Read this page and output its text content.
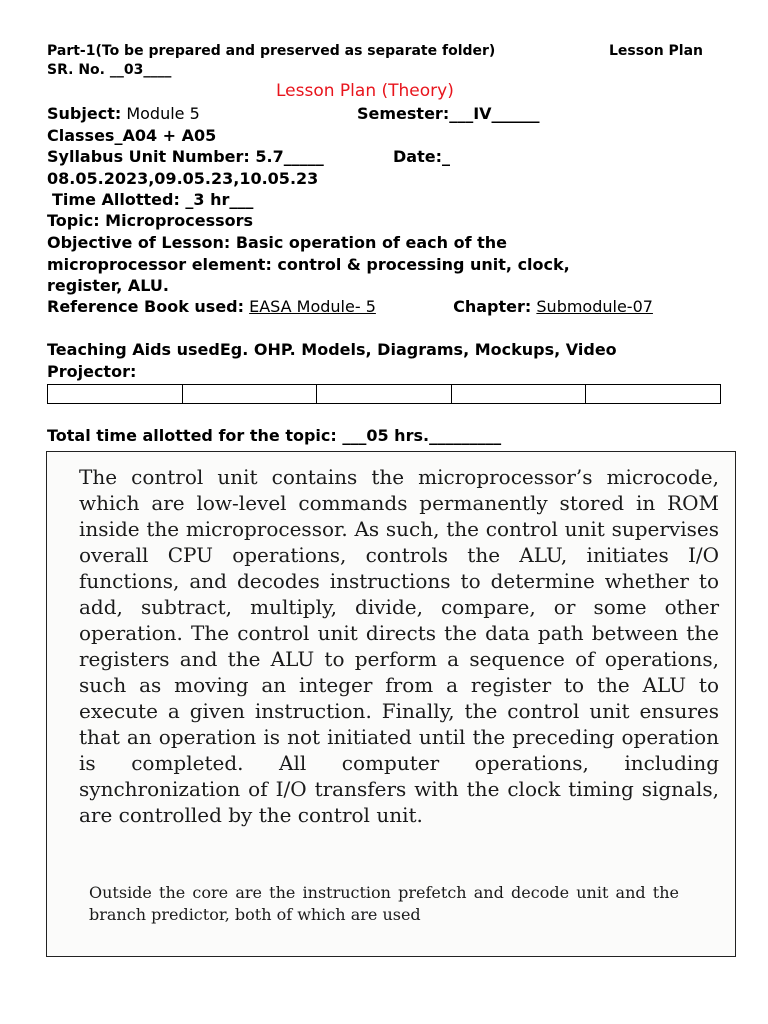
Part-1(To be prepared and preserved as separate folder)	Lesson Plan
SR. No. __03____
Lesson Plan (Theory)
Subject: Module 5	Semester:___IV______
Classes_A04 + A05
Syllabus Unit Number: 5.7_____	Date:_
08.05.2023,09.05.23,10.05.23
Time Allotted: _3 hr___
Topic: Microprocessors
Objective of Lesson: Basic operation of each of the
microprocessor element: control & processing unit, clock,
register, ALU.
Reference Book used: EASA Module- 5	Chapter: Submodule-07
Teaching Aids usedEg. OHP. Models, Diagrams, Mockups, Video
Projector:

Total time allotted for the topic: ___05 hrs._________

The control unit contains the microprocessor’s microcode, which are low-level commands permanently stored in ROM inside the microprocessor. As such, the control unit supervises overall CPU operations, controls the ALU, initiates I/O functions, and decodes instructions to determine whether to add, subtract, multiply, divide, compare, or some other operation. The control unit directs the data path between the registers and the ALU to perform a sequence of operations, such as moving an integer from a register to the ALU to execute a given instruction. Finally, the control unit ensures that an operation is not initiated until the preceding operation is completed. All computer operations, including synchronization of I/O transfers with the clock timing signals, are controlled by the control unit.

Outside the core are the instruction prefetch and decode unit and the branch predictor, both of which are used
